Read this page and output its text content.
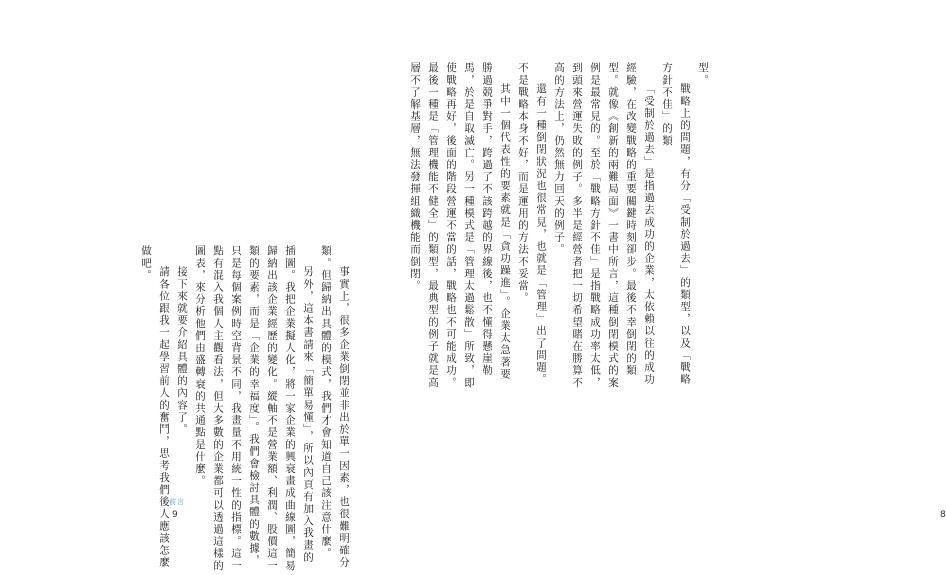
事實上，很多企業倒閉並非出於單一因素，也很難明確分類。但歸納出具體的模式，我們才會知道自己該注意什麼。

另外，這本書請來「簡單易懂」，所以內頁有加入我畫的插圖。我把企業擬人化，將一家企業的興衰畫成曲線圖，簡易歸納出該企業經歷的變化。縱軸不是營業額、利潤、股價這一類的要素，而是「企業的幸福度」。我們會檢討具體的數據，只是每個案例時空背景不同，我畫量不用統一性的指標。這一點有混入我個人主觀看法，但大多數的企業都可以透過這樣的圖表，來分析他們由盛轉衰的共通點是什麼。

接下來就要介紹具體的內容了。

請各位跟我一起學習前人的奮鬥，思考我們後人應該怎麼做吧。

前言
9

型。

戰略上的問題，有分「受制於過去」的類型，以及「戰略方針不佳」的類

「受制於過去」是指過去成功的企業，太依賴以往的成功經驗，在改變戰略的重要關鍵時刻卻步。最後不幸倒閉的類型。就像《創新的兩難局面》一書中所言，這種倒閉模式的案例是最常見的。至於「戰略方針不佳」是指戰略成功率太低，到頭來營運失敗的例子。多半是經營者把一切希望賭在勝算不高的方法上，仍然無力回天的例子。

還有一種倒閉狀況也很常見，也就是「管理」出了問題。不是戰略本身不好，而是運用的方法不妥當。

其中一個代表性的要素就是「貪功躁進」。企業太急著要勝過競爭對手，跨過了不該跨越的界線後，也不懂得懸崖勒馬，於是自取滅亡。另一種模式是「管理太過鬆散」所致，即使戰略再好，後面的階段營運不當的話，戰略也不可能成功。最後一種是「管理機能不健全」的類型，最典型的例子就是高層不了解基層，無法發揮組織機能而倒閉。

8
